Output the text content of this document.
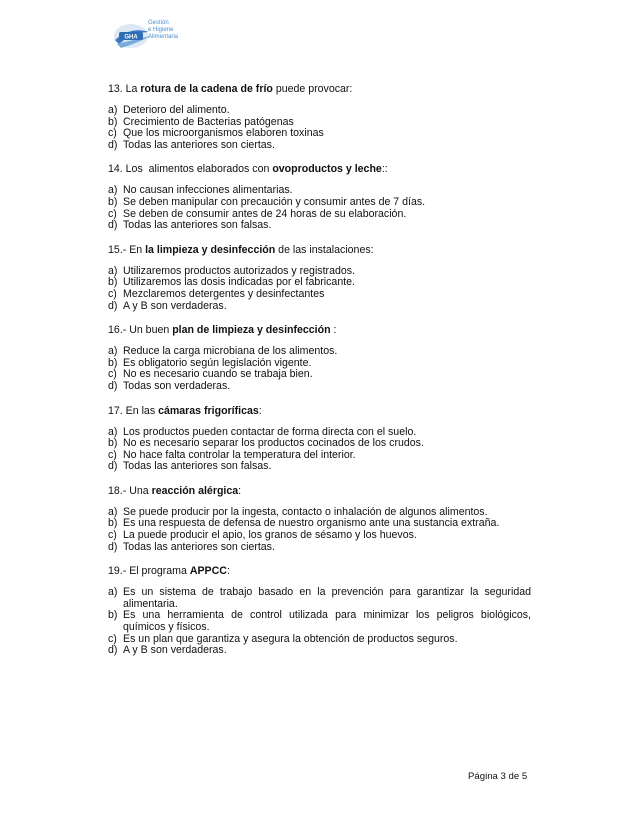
GHA
Gestión
e Higiene
Alimentaria

13. La rotura de la cadena de frío puede provocar:

a) Deterioro del alimento.
b) Crecimiento de Bacterias patógenas
c) Que los microorganismos elaboren toxinas
d) Todas las anteriores son ciertas.

14. Los  alimentos elaborados con ovoproductos y leche::

a) No causan infecciones alimentarias.
b) Se deben manipular con precaución y consumir antes de 7 días.
c) Se deben de consumir antes de 24 horas de su elaboración.
d) Todas las anteriores son falsas.

15.- En la limpieza y desinfección de las instalaciones:

a) Utilizaremos productos autorizados y registrados.
b) Utilizaremos las dosis indicadas por el fabricante.
c) Mezclaremos detergentes y desinfectantes
d) A y B son verdaderas.

16.- Un buen plan de limpieza y desinfección :

a) Reduce la carga microbiana de los alimentos.
b) Es obligatorio según legislación vigente.
c) No es necesario cuando se trabaja bien.
d) Todas son verdaderas.

17. En las cámaras frigoríficas:

a) Los productos pueden contactar de forma directa con el suelo.
b) No es necesario separar los productos cocinados de los crudos.
c) No hace falta controlar la temperatura del interior.
d) Todas las anteriores son falsas.

18.- Una reacción alérgica:

a) Se puede producir por la ingesta, contacto o inhalación de algunos alimentos.
b) Es una respuesta de defensa de nuestro organismo ante una sustancia extraña.
c) La puede producir el apio, los granos de sésamo y los huevos.
d) Todas las anteriores son ciertas.

19.- El programa APPCC:

a) Es un sistema de trabajo basado en la prevención para garantizar la seguridad alimentaria.
b) Es una herramienta de control utilizada para minimizar los peligros biológicos, químicos y físicos.
c) Es un plan que garantiza y asegura la obtención de productos seguros.
d) A y B son verdaderas.
Página 3 de 5
